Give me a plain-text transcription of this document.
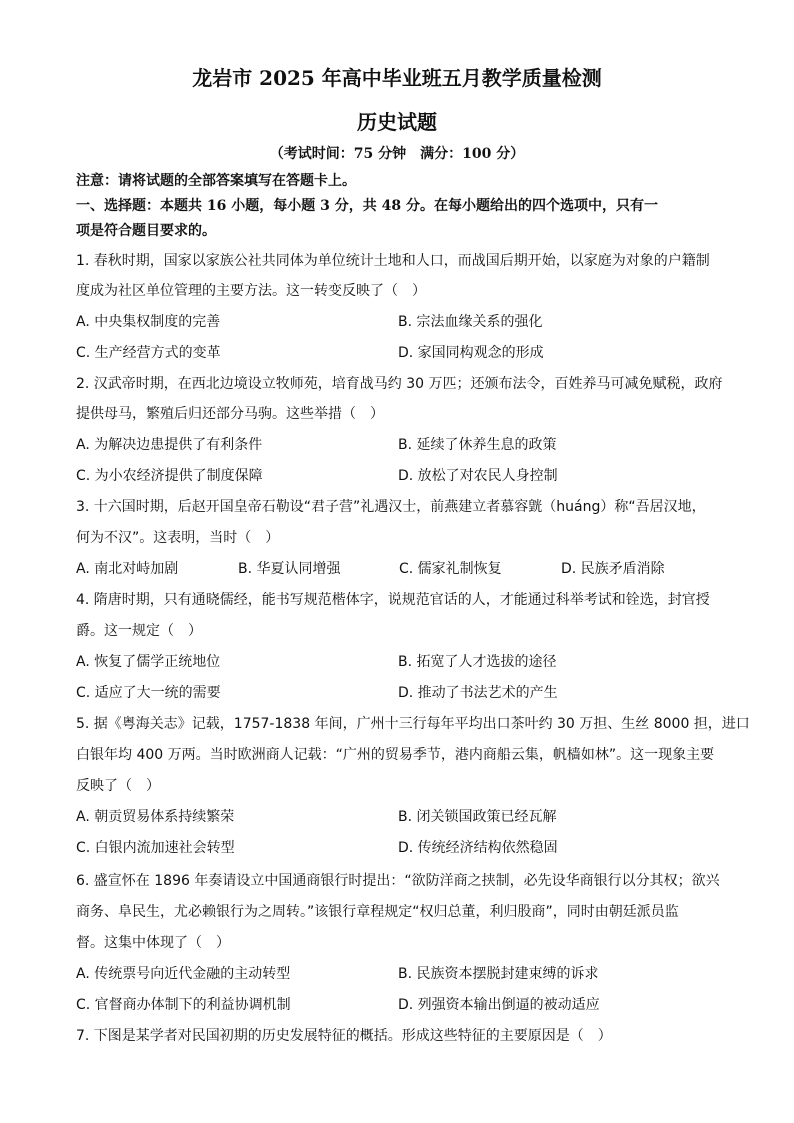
龙岩市 2025 年高中毕业班五月教学质量检测
历史试题
（考试时间：75 分钟　满分：100 分）
注意：请将试题的全部答案填写在答题卡上。
一、选择题：本题共 16 小题，每小题 3 分，共 48 分。在每小题给出的四个选项中，只有一
项是符合题目要求的。
1. 春秋时期，国家以家族公社共同体为单位统计土地和人口，而战国后期开始，以家庭为对象的户籍制
度成为社区单位管理的主要方法。这一转变反映了（　）
A. 中央集权制度的完善	B. 宗法血缘关系的强化
C. 生产经营方式的变革	D. 家国同构观念的形成
2. 汉武帝时期，在西北边境设立牧师苑，培育战马约 30 万匹；还颁布法令，百姓养马可减免赋税，政府
提供母马，繁殖后归还部分马驹。这些举措（　）
A. 为解决边患提供了有利条件	B. 延续了休养生息的政策
C. 为小农经济提供了制度保障	D. 放松了对农民人身控制
3. 十六国时期，后赵开国皇帝石勒设“君子营”礼遇汉士，前燕建立者慕容皝（huáng）称“吾居汉地，
何为不汉”。这表明，当时（　）
A. 南北对峙加剧	B. 华夏认同增强	C. 儒家礼制恢复	D. 民族矛盾消除
4. 隋唐时期，只有通晓儒经，能书写规范楷体字，说规范官话的人，才能通过科举考试和铨选，封官授
爵。这一规定（　）
A. 恢复了儒学正统地位	B. 拓宽了人才选拔的途径
C. 适应了大一统的需要	D. 推动了书法艺术的产生
5. 据《粤海关志》记载，1757-1838 年间，广州十三行每年平均出口茶叶约 30 万担、生丝 8000 担，进口
白银年均 400 万两。当时欧洲商人记载：“广州的贸易季节，港内商船云集，帆樯如林”。这一现象主要
反映了（　）
A. 朝贡贸易体系持续繁荣	B. 闭关锁国政策已经瓦解
C. 白银内流加速社会转型	D. 传统经济结构依然稳固
6. 盛宣怀在 1896 年奏请设立中国通商银行时提出：“欲防洋商之挟制，必先设华商银行以分其权；欲兴
商务、阜民生，尤必赖银行为之周转。”该银行章程规定“权归总董，利归股商”，同时由朝廷派员监
督。这集中体现了（　）
A. 传统票号向近代金融的主动转型	B. 民族资本摆脱封建束缚的诉求
C. 官督商办体制下的利益协调机制	D. 列强资本输出倒逼的被动适应
7. 下图是某学者对民国初期的历史发展特征的概括。形成这些特征的主要原因是（　）
